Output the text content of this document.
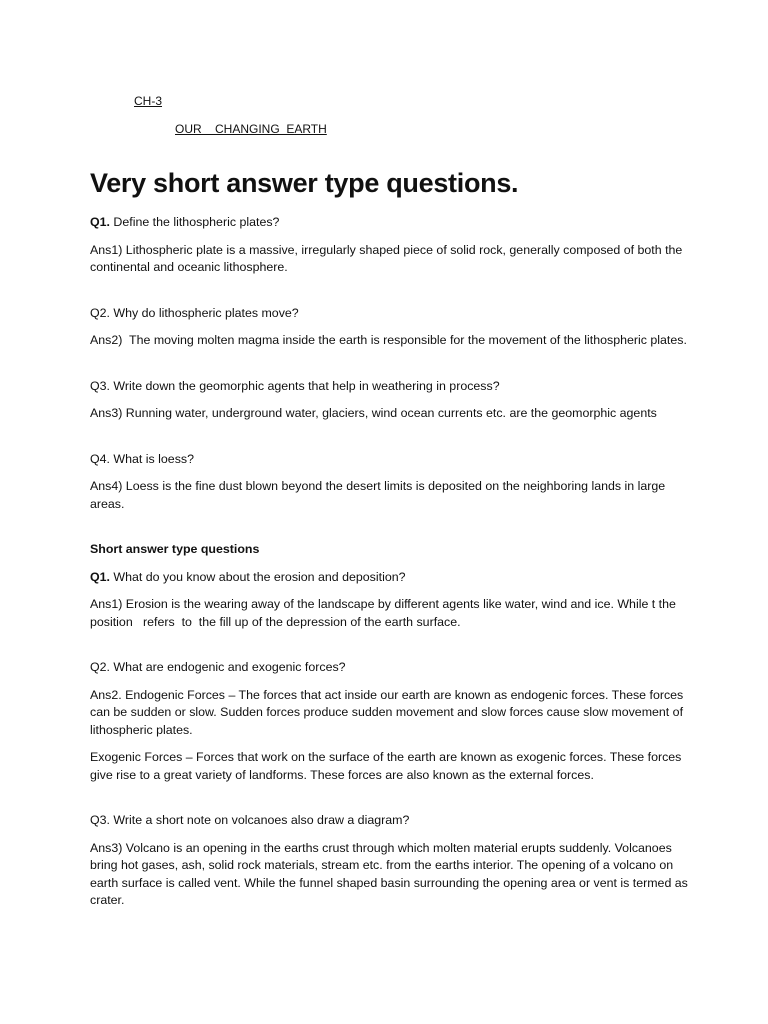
CH-3
OUR    CHANGING  EARTH
Very short answer type questions.

Q1. Define the lithospheric plates?

Ans1) Lithospheric plate is a massive, irregularly shaped piece of solid rock, generally composed of both the continental and oceanic lithosphere.

Q2. Why do lithospheric plates move?

Ans2)  The moving molten magma inside the earth is responsible for the movement of the lithospheric plates.

Q3. Write down the geomorphic agents that help in weathering in process?

Ans3) Running water, underground water, glaciers, wind ocean currents etc. are the geomorphic agents

Q4. What is loess?

Ans4) Loess is the fine dust blown beyond the desert limits is deposited on the neighboring lands in large areas.

Short answer type questions

Q1. What do you know about the erosion and deposition?

Ans1) Erosion is the wearing away of the landscape by different agents like water, wind and ice. While t the   position   refers  to  the fill up of the depression of the earth surface.

Q2. What are endogenic and exogenic forces?

Ans2. Endogenic Forces – The forces that act inside our earth are known as endogenic forces. These forces can be sudden or slow. Sudden forces produce sudden movement and slow forces cause slow movement of lithospheric plates.

Exogenic Forces – Forces that work on the surface of the earth are known as exogenic forces. These forces give rise to a great variety of landforms. These forces are also known as the external forces.

Q3. Write a short note on volcanoes also draw a diagram?

Ans3) Volcano is an opening in the earths crust through which molten material erupts suddenly. Volcanoes bring hot gases, ash, solid rock materials, stream etc. from the earths interior. The opening of a volcano on earth surface is called vent. While the funnel shaped basin surrounding the opening area or vent is termed as crater.
